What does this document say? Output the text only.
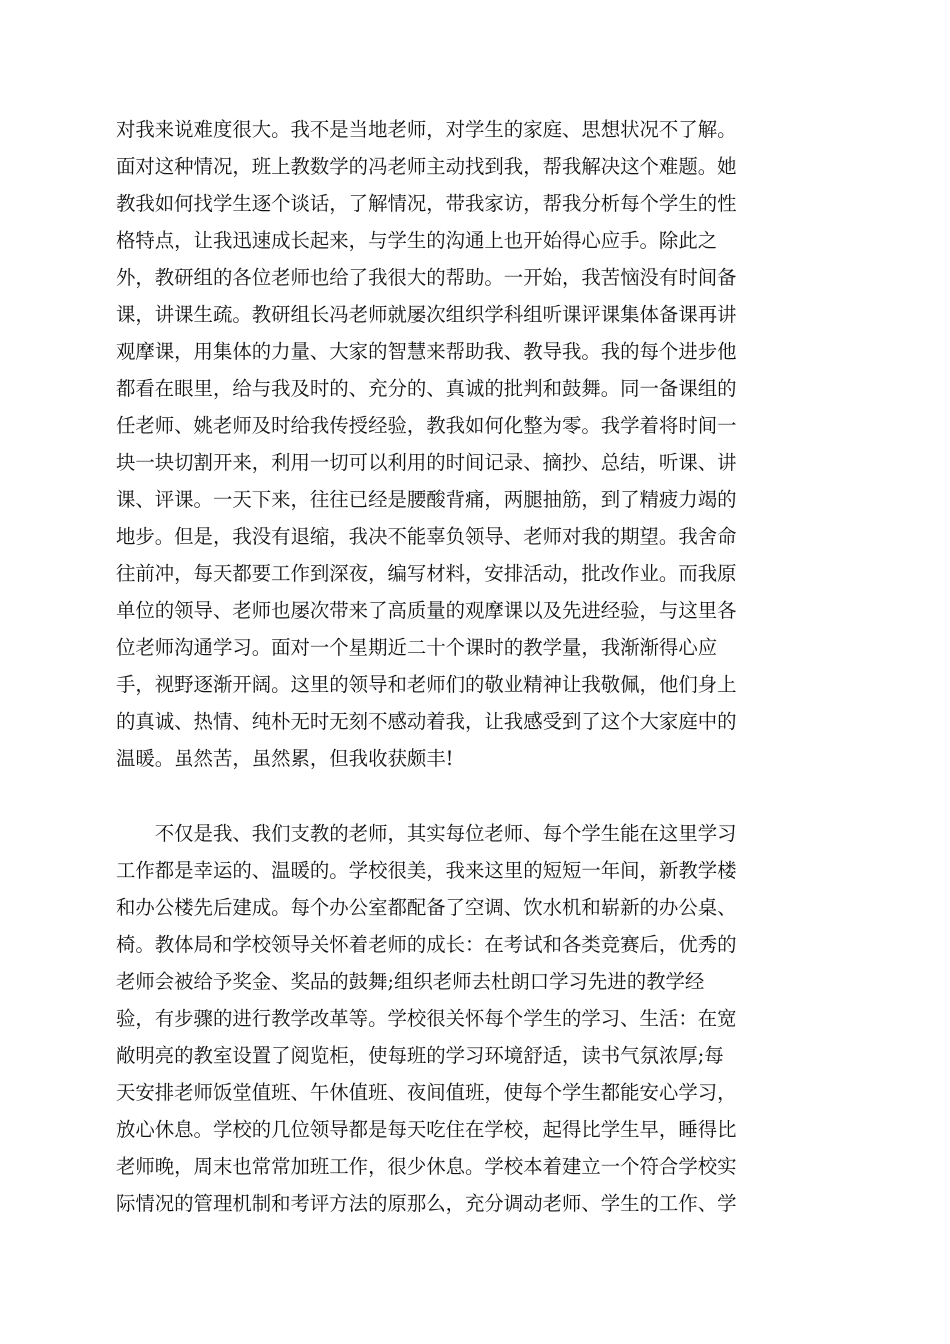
对我来说难度很大。我不是当地老师，对学生的家庭、思想状况不了解。
面对这种情况，班上教数学的冯老师主动找到我，帮我解决这个难题。她
教我如何找学生逐个谈话，了解情况，带我家访，帮我分析每个学生的性
格特点，让我迅速成长起来，与学生的沟通上也开始得心应手。除此之
外，教研组的各位老师也给了我很大的帮助。一开始，我苦恼没有时间备
课，讲课生疏。教研组长冯老师就屡次组织学科组听课评课集体备课再讲
观摩课，用集体的力量、大家的智慧来帮助我、教导我。我的每个进步他
都看在眼里，给与我及时的、充分的、真诚的批判和鼓舞。同一备课组的
任老师、姚老师及时给我传授经验，教我如何化整为零。我学着将时间一
块一块切割开来，利用一切可以利用的时间记录、摘抄、总结，听课、讲
课、评课。一天下来，往往已经是腰酸背痛，两腿抽筋，到了精疲力竭的
地步。但是，我没有退缩，我决不能辜负领导、老师对我的期望。我舍命
往前冲，每天都要工作到深夜，编写材料，安排活动，批改作业。而我原
单位的领导、老师也屡次带来了高质量的观摩课以及先进经验，与这里各
位老师沟通学习。面对一个星期近二十个课时的教学量，我渐渐得心应
手，视野逐渐开阔。这里的领导和老师们的敬业精神让我敬佩，他们身上
的真诚、热情、纯朴无时无刻不感动着我，让我感受到了这个大家庭中的
温暖。虽然苦，虽然累，但我收获颇丰!
　　不仅是我、我们支教的老师，其实每位老师、每个学生能在这里学习
工作都是幸运的、温暖的。学校很美，我来这里的短短一年间，新教学楼
和办公楼先后建成。每个办公室都配备了空调、饮水机和崭新的办公桌、
椅。教体局和学校领导关怀着老师的成长：在考试和各类竞赛后，优秀的
老师会被给予奖金、奖品的鼓舞;组织老师去杜朗口学习先进的教学经
验，有步骤的进行教学改革等。学校很关怀每个学生的学习、生活：在宽
敞明亮的教室设置了阅览柜，使每班的学习环境舒适，读书气氛浓厚;每
天安排老师饭堂值班、午休值班、夜间值班，使每个学生都能安心学习，
放心休息。学校的几位领导都是每天吃住在学校，起得比学生早，睡得比
老师晚，周末也常常加班工作，很少休息。学校本着建立一个符合学校实
际情况的管理机制和考评方法的原那么，充分调动老师、学生的工作、学
